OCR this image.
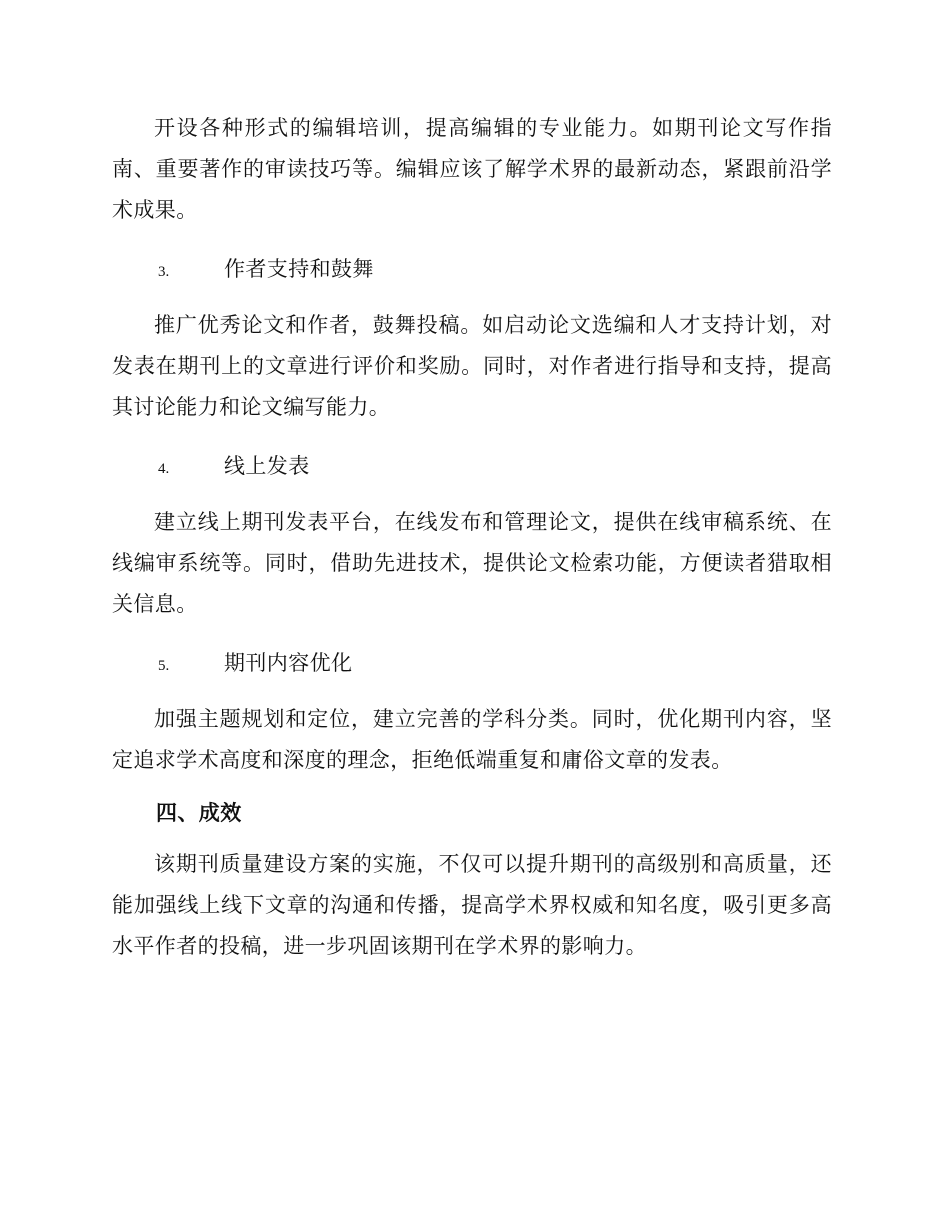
开设各种形式的编辑培训，提高编辑的专业能力。如期刊论文写作指南、重要著作的审读技巧等。编辑应该了解学术界的最新动态，紧跟前沿学术成果。

3.	作者支持和鼓舞

推广优秀论文和作者，鼓舞投稿。如启动论文选编和人才支持计划，对发表在期刊上的文章进行评价和奖励。同时，对作者进行指导和支持，提高其讨论能力和论文编写能力。

4.	线上发表

建立线上期刊发表平台，在线发布和管理论文，提供在线审稿系统、在线编审系统等。同时，借助先进技术，提供论文检索功能，方便读者猎取相关信息。

5.	期刊内容优化

加强主题规划和定位，建立完善的学科分类。同时，优化期刊内容，坚定追求学术高度和深度的理念，拒绝低端重复和庸俗文章的发表。

四、成效

该期刊质量建设方案的实施，不仅可以提升期刊的高级别和高质量，还能加强线上线下文章的沟通和传播，提高学术界权威和知名度，吸引更多高水平作者的投稿，进一步巩固该期刊在学术界的影响力。
